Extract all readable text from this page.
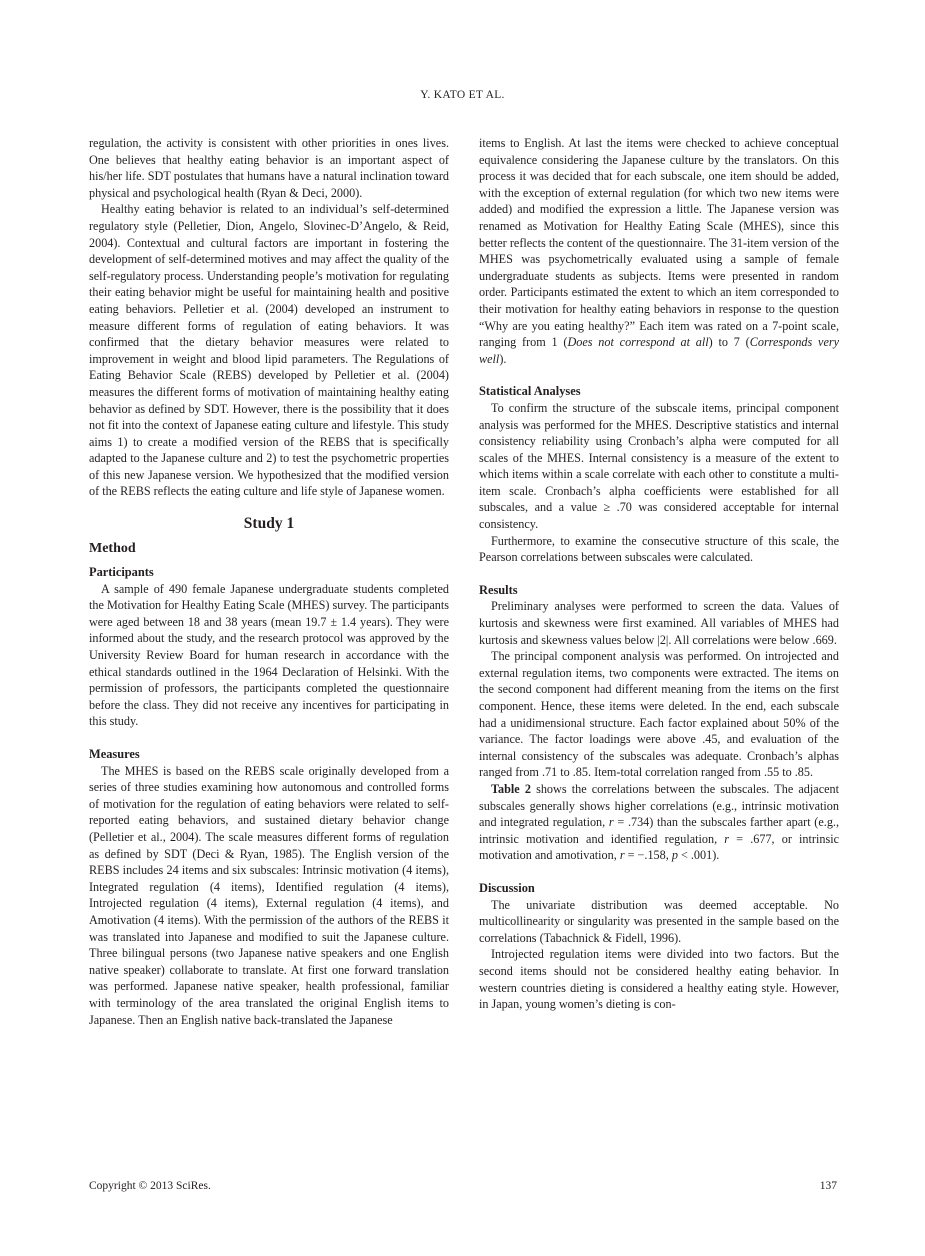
Y. KATO ET AL.

regulation, the activity is consistent with other priorities in ones lives. One believes that healthy eating behavior is an important aspect of his/her life. SDT postulates that humans have a natural inclination toward physical and psychological health (Ryan & Deci, 2000).

Healthy eating behavior is related to an individual’s self-determined regulatory style (Pelletier, Dion, Angelo, Slovinec-D’Angelo, & Reid, 2004). Contextual and cultural factors are important in fostering the development of self-determined motives and may affect the quality of the self-regulatory process. Understanding people’s motivation for regulating their eating behavior might be useful for maintaining health and positive eating behaviors. Pelletier et al. (2004) developed an instrument to measure different forms of regulation of eating behaviors. It was confirmed that the dietary behavior measures were related to improvement in weight and blood lipid parameters. The Regulations of Eating Behavior Scale (REBS) developed by Pelletier et al. (2004) measures the different forms of motivation of maintaining healthy eating behavior as defined by SDT. However, there is the possibility that it does not fit into the context of Japanese eating culture and lifestyle. This study aims 1) to create a modified version of the REBS that is specifically adapted to the Japanese culture and 2) to test the psychometric properties of this new Japanese version. We hypothesized that the modified version of the REBS reflects the eating culture and life style of Japanese women.

Study 1
Method
Participants

A sample of 490 female Japanese undergraduate students completed the Motivation for Healthy Eating Scale (MHES) survey. The participants were aged between 18 and 38 years (mean 19.7 ± 1.4 years). They were informed about the study, and the research protocol was approved by the University Review Board for human research in accordance with the ethical standards outlined in the 1964 Declaration of Helsinki. With the permission of professors, the participants completed the questionnaire before the class. They did not receive any incentives for participating in this study.

Measures

The MHES is based on the REBS scale originally developed from a series of three studies examining how autonomous and controlled forms of motivation for the regulation of eating behaviors were related to self-reported eating behaviors, and sustained dietary behavior change (Pelletier et al., 2004). The scale measures different forms of regulation as defined by SDT (Deci & Ryan, 1985). The English version of the REBS includes 24 items and six subscales: Intrinsic motivation (4 items), Integrated regulation (4 items), Identified regulation (4 items), Introjected regulation (4 items), External regulation (4 items), and Amotivation (4 items). With the permission of the authors of the REBS it was translated into Japanese and modified to suit the Japanese culture. Three bilingual persons (two Japanese native speakers and one English native speaker) collaborate to translate. At first one forward translation was performed. Japanese native speaker, health professional, familiar with terminology of the area translated the original English items to Japanese. Then an English native back-translated the Japanese

items to English. At last the items were checked to achieve conceptual equivalence considering the Japanese culture by the translators. On this process it was decided that for each subscale, one item should be added, with the exception of external regulation (for which two new items were added) and modified the expression a little. The Japanese version was renamed as Motivation for Healthy Eating Scale (MHES), since this better reflects the content of the questionnaire. The 31-item version of the MHES was psychometrically evaluated using a sample of female undergraduate students as subjects. Items were presented in random order. Participants estimated the extent to which an item corresponded to their motivation for healthy eating behaviors in response to the question “Why are you eating healthy?” Each item was rated on a 7-point scale, ranging from 1 (Does not correspond at all) to 7 (Corresponds very well).

Statistical Analyses

To confirm the structure of the subscale items, principal component analysis was performed for the MHES. Descriptive statistics and internal consistency reliability using Cronbach’s alpha were computed for all scales of the MHES. Internal consistency is a measure of the extent to which items within a scale correlate with each other to constitute a multi-item scale. Cronbach’s alpha coefficients were established for all subscales, and a value ≥ .70 was considered acceptable for internal consistency.

Furthermore, to examine the consecutive structure of this scale, the Pearson correlations between subscales were calculated.

Results

Preliminary analyses were performed to screen the data. Values of kurtosis and skewness were first examined. All variables of MHES had kurtosis and skewness values below |2|. All correlations were below .669.

The principal component analysis was performed. On introjected and external regulation items, two components were extracted. The items on the second component had different meaning from the items on the first component. Hence, these items were deleted. In the end, each subscale had a unidimensional structure. Each factor explained about 50% of the variance. The factor loadings were above .45, and evaluation of the internal consistency of the subscales was adequate. Cronbach’s alphas ranged from .71 to .85. Item-total correlation ranged from .55 to .85.

Table 2 shows the correlations between the subscales. The adjacent subscales generally shows higher correlations (e.g., intrinsic motivation and integrated regulation, r = .734) than the subscales farther apart (e.g., intrinsic motivation and identified regulation, r = .677, or intrinsic motivation and amotivation, r = −.158, p < .001).

Discussion

The univariate distribution was deemed acceptable. No multicollinearity or singularity was presented in the sample based on the correlations (Tabachnick & Fidell, 1996).

Introjected regulation items were divided into two factors. But the second items should not be considered healthy eating behavior. In western countries dieting is considered a healthy eating style. However, in Japan, young women’s dieting is con-

Copyright © 2013 SciRes.	137
